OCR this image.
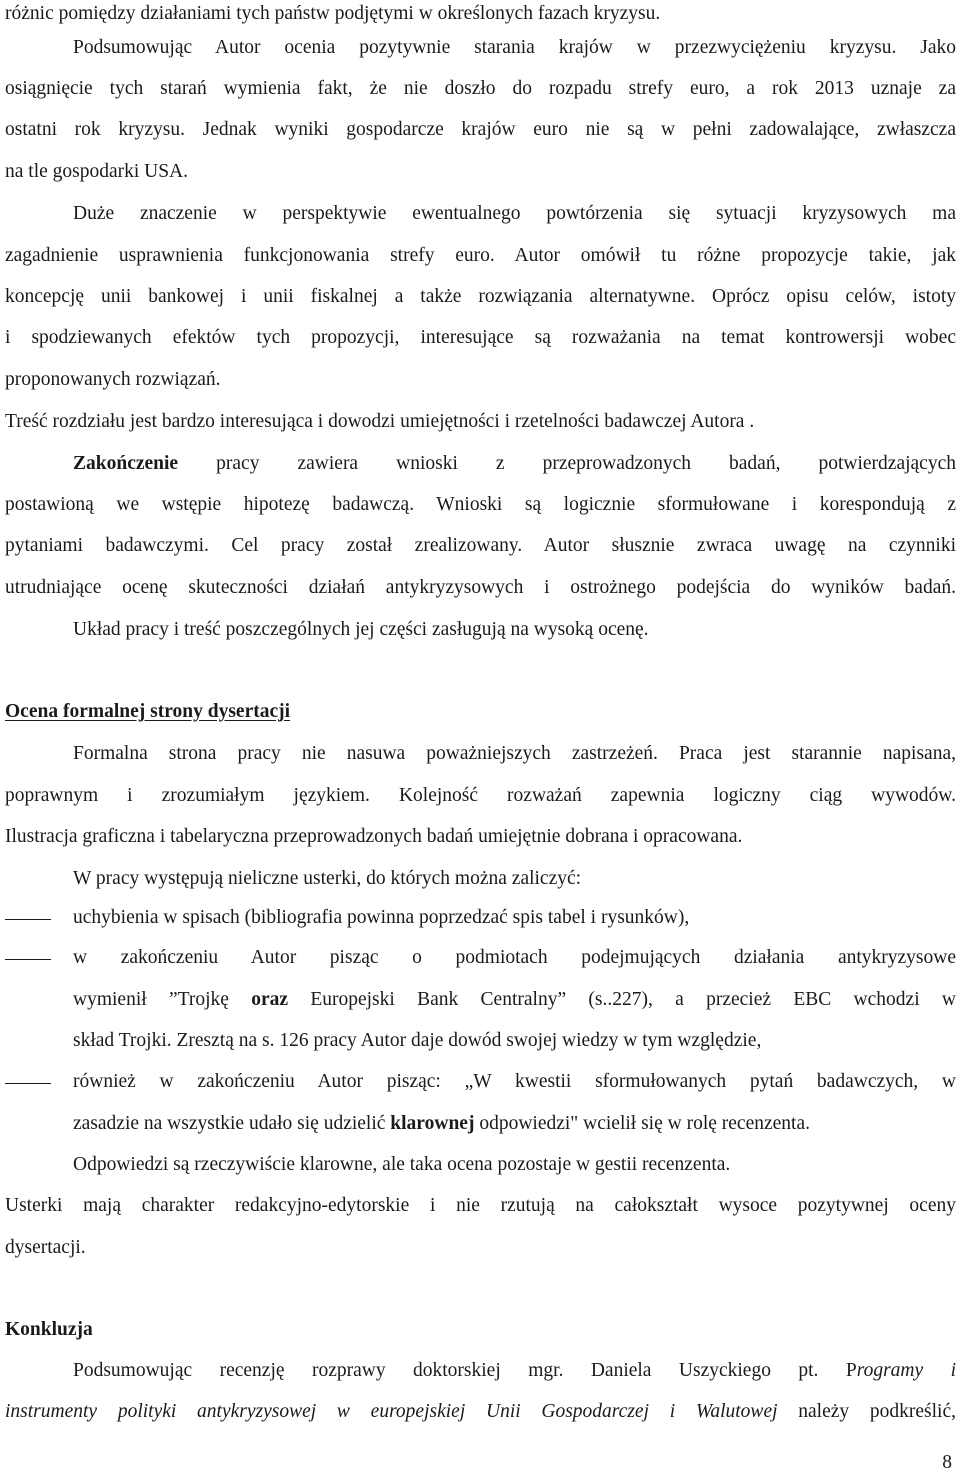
różnic pomiędzy działaniami tych państw podjętymi w określonych fazach kryzysu.
Podsumowując Autor ocenia pozytywnie starania krajów w przezwyciężeniu kryzysu. Jako
osiągnięcie tych starań wymienia fakt, że nie doszło do rozpadu strefy euro, a rok 2013 uznaje za
ostatni rok kryzysu. Jednak wyniki gospodarcze krajów euro nie są w pełni zadowalające, zwłaszcza
na tle gospodarki USA.
Duże znaczenie w perspektywie ewentualnego powtórzenia się sytuacji kryzysowych ma
zagadnienie usprawnienia funkcjonowania strefy euro. Autor omówił tu różne propozycje takie, jak
koncepcję unii bankowej i unii fiskalnej a także rozwiązania alternatywne. Oprócz opisu celów, istoty
i spodziewanych efektów tych propozycji, interesujące są rozważania na temat kontrowersji wobec
proponowanych rozwiązań.
Treść rozdziału jest bardzo interesująca i dowodzi umiejętności i rzetelności badawczej Autora .
Zakończenie pracy zawiera wnioski z przeprowadzonych badań, potwierdzających
postawioną we wstępie hipotezę badawczą. Wnioski są logicznie sformułowane i korespondują z
pytaniami badawczymi. Cel pracy został zrealizowany. Autor słusznie zwraca uwagę na czynniki
utrudniające ocenę skuteczności działań antykryzysowych i ostrożnego podejścia do wyników badań.
Układ pracy i treść poszczególnych jej części zasługują na wysoką ocenę.
Ocena formalnej strony dysertacji
Formalna strona pracy nie nasuwa poważniejszych zastrzeżeń. Praca jest starannie napisana,
poprawnym i zrozumiałym językiem. Kolejność rozważań zapewnia logiczny ciąg wywodów.
Ilustracja graficzna i tabelaryczna przeprowadzonych badań umiejętnie dobrana i opracowana.
W pracy występują nieliczne usterki, do których można zaliczyć:
uchybienia w spisach (bibliografia powinna poprzedzać spis tabel i rysunków),
w zakończeniu Autor pisząc o podmiotach podejmujących działania antykryzysowe
wymienił ”Trojkę oraz Europejski Bank Centralny” (s..227), a przecież EBC wchodzi w
skład Trojki. Zresztą na s. 126 pracy Autor daje dowód swojej wiedzy w tym względzie,
również w zakończeniu Autor pisząc: „W kwestii sformułowanych pytań badawczych, w
zasadzie na wszystkie udało się udzielić klarownej odpowiedzi" wcielił się w rolę recenzenta.
Odpowiedzi są rzeczywiście klarowne, ale taka ocena pozostaje w gestii recenzenta.
Usterki mają charakter redakcyjno-edytorskie i nie rzutują na całokształt wysoce pozytywnej oceny
dysertacji.
Konkluzja
Podsumowując recenzję rozprawy doktorskiej mgr. Daniela Uszyckiego pt. Programy i
instrumenty polityki antykryzysowej w europejskiej Unii Gospodarczej i Walutowej należy podkreślić,
8
